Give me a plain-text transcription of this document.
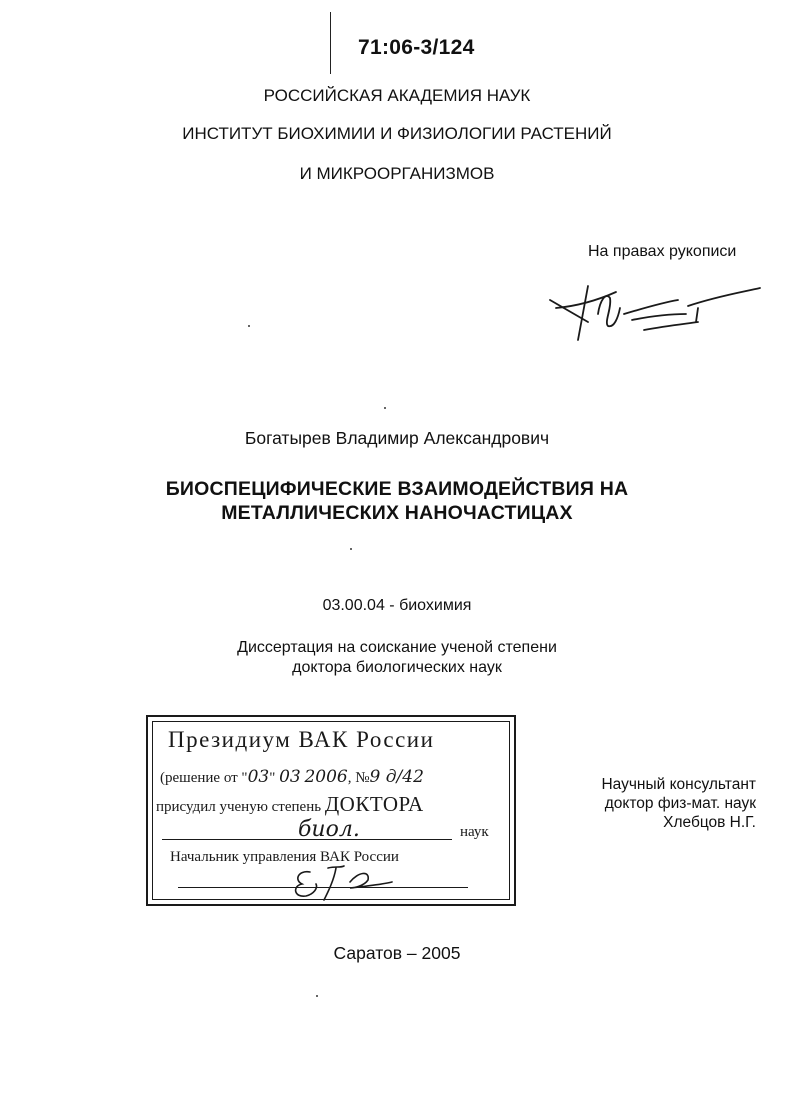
71:06-3/124
РОССИЙСКАЯ АКАДЕМИЯ НАУК
ИНСТИТУТ БИОХИМИИ И ФИЗИОЛОГИИ РАСТЕНИЙ
И МИКРООРГАНИЗМОВ
На правах рукописи
Богатырев Владимир Александрович
БИОСПЕЦИФИЧЕСКИЕ ВЗАИМОДЕЙСТВИЯ НА
МЕТАЛЛИЧЕСКИХ НАНОЧАСТИЦАХ
03.00.04 - биохимия
Диссертация на соискание ученой степени
доктора биологических наук
Президиум ВАК России
(решение от "03" 03 2006, №9 д/42
присудил ученую степень ДОКТОРА
биол.	наук
Начальник управления ВАК России
Научный консультант
доктор физ-мат. наук
Хлебцов Н.Г.
Саратов – 2005
